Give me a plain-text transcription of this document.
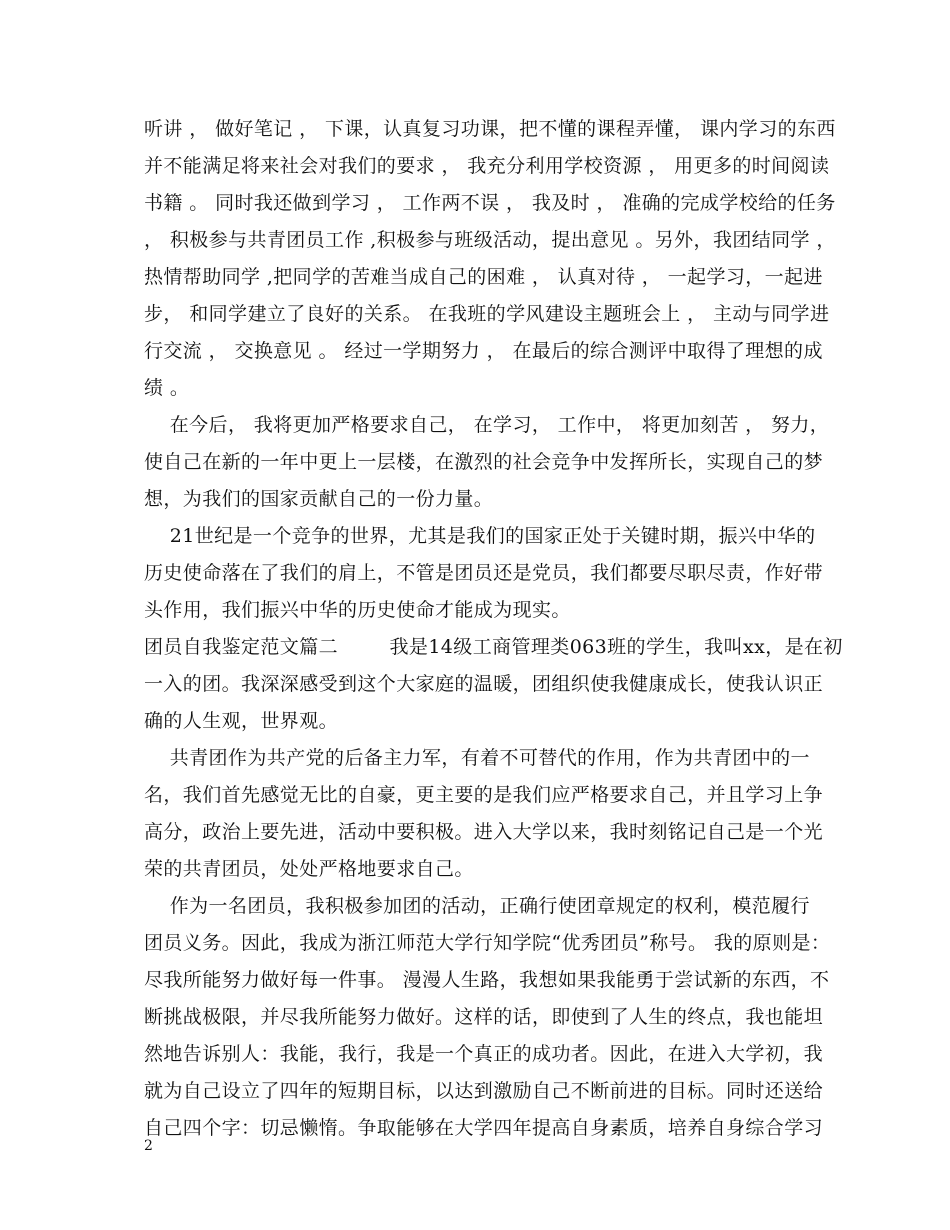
听讲 ， 做好笔记 ， 下课，认真复习功课，把不懂的课程弄懂， 课内学习的东西
并不能满足将来社会对我们的要求 ， 我充分利用学校资源 ， 用更多的时间阅读
书籍 。 同时我还做到学习 ， 工作两不误 ， 我及时 ， 准确的完成学校给的任务
， 积极参与共青团员工作 ,积极参与班级活动，提出意见 。另外，我团结同学 ，
热情帮助同学 ,把同学的苦难当成自己的困难 ， 认真对待 ， 一起学习，一起进
步， 和同学建立了良好的关系。 在我班的学风建设主题班会上 ， 主动与同学进
行交流 ， 交换意见 。 经过一学期努力 ， 在最后的综合测评中取得了理想的成
绩 。
在今后， 我将更加严格要求自己， 在学习， 工作中， 将更加刻苦 ， 努力，
使自己在新的一年中更上一层楼，在激烈的社会竞争中发挥所长，实现自己的梦
想，为我们的国家贡献自己的一份力量。
21世纪是一个竞争的世界，尤其是我们的国家正处于关键时期，振兴中华的
历史使命落在了我们的肩上，不管是团员还是党员，我们都要尽职尽责，作好带
头作用，我们振兴中华的历史使命才能成为现实。
团员自我鉴定范文篇二        我是14级工商管理类063班的学生，我叫xx，是在初
一入的团。我深深感受到这个大家庭的温暖，团组织使我健康成长，使我认识正
确的人生观，世界观。
共青团作为共产党的后备主力军，有着不可替代的作用，作为共青团中的一
名，我们首先感觉无比的自豪，更主要的是我们应严格要求自己，并且学习上争
高分，政治上要先进，活动中要积极。进入大学以来，我时刻铭记自己是一个光
荣的共青团员，处处严格地要求自己。
作为一名团员，我积极参加团的活动，正确行使团章规定的权利，模范履行
团员义务。因此，我成为浙江师范大学行知学院“优秀团员”称号。 我的原则是：
尽我所能努力做好每一件事。 漫漫人生路，我想如果我能勇于尝试新的东西，不
断挑战极限，并尽我所能努力做好。这样的话，即使到了人生的终点，我也能坦
然地告诉别人：我能，我行，我是一个真正的成功者。因此，在进入大学初，我
就为自己设立了四年的短期目标，以达到激励自己不断前进的目标。同时还送给
自己四个字：切忌懒惰。争取能够在大学四年提高自身素质，培养自身综合学习
2
